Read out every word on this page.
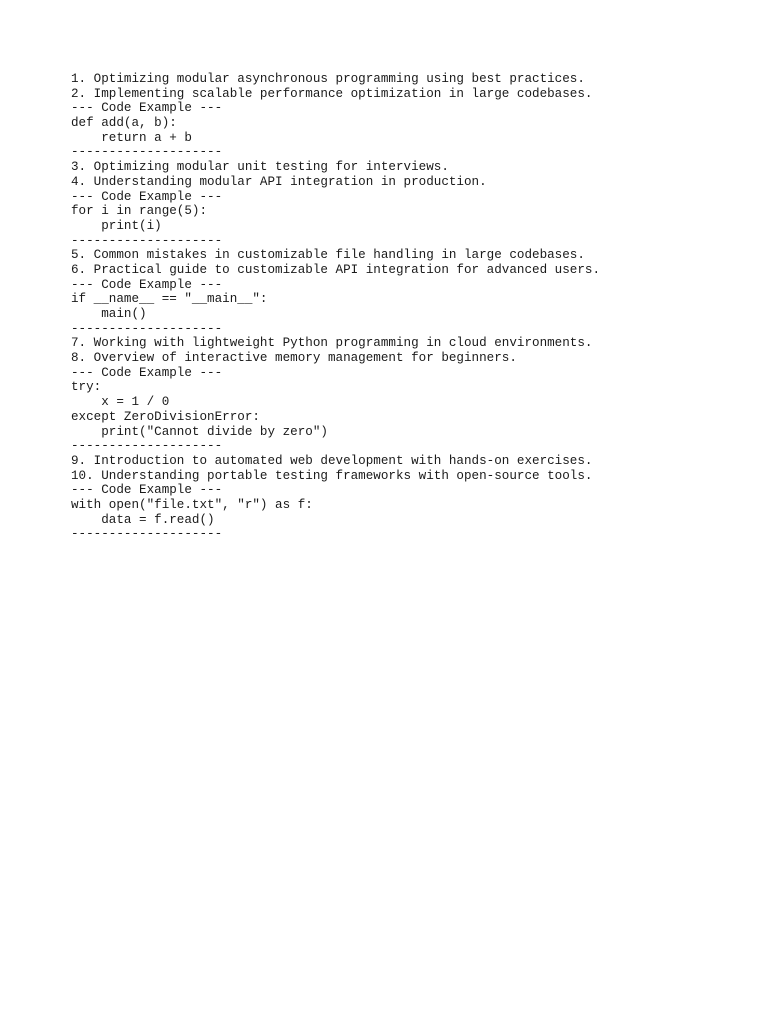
1. Optimizing modular asynchronous programming using best practices.
2. Implementing scalable performance optimization in large codebases.
--- Code Example ---
def add(a, b):
return a + b
--------------------
3. Optimizing modular unit testing for interviews.
4. Understanding modular API integration in production.
--- Code Example ---
for i in range(5):
print(i)
--------------------
5. Common mistakes in customizable file handling in large codebases.
6. Practical guide to customizable API integration for advanced users.
--- Code Example ---
if __name__ == "__main__":
main()
--------------------
7. Working with lightweight Python programming in cloud environments.
8. Overview of interactive memory management for beginners.
--- Code Example ---
try:
x = 1 / 0
except ZeroDivisionError:
print("Cannot divide by zero")
--------------------
9. Introduction to automated web development with hands-on exercises.
10. Understanding portable testing frameworks with open-source tools.
--- Code Example ---
with open("file.txt", "r") as f:
data = f.read()
--------------------
